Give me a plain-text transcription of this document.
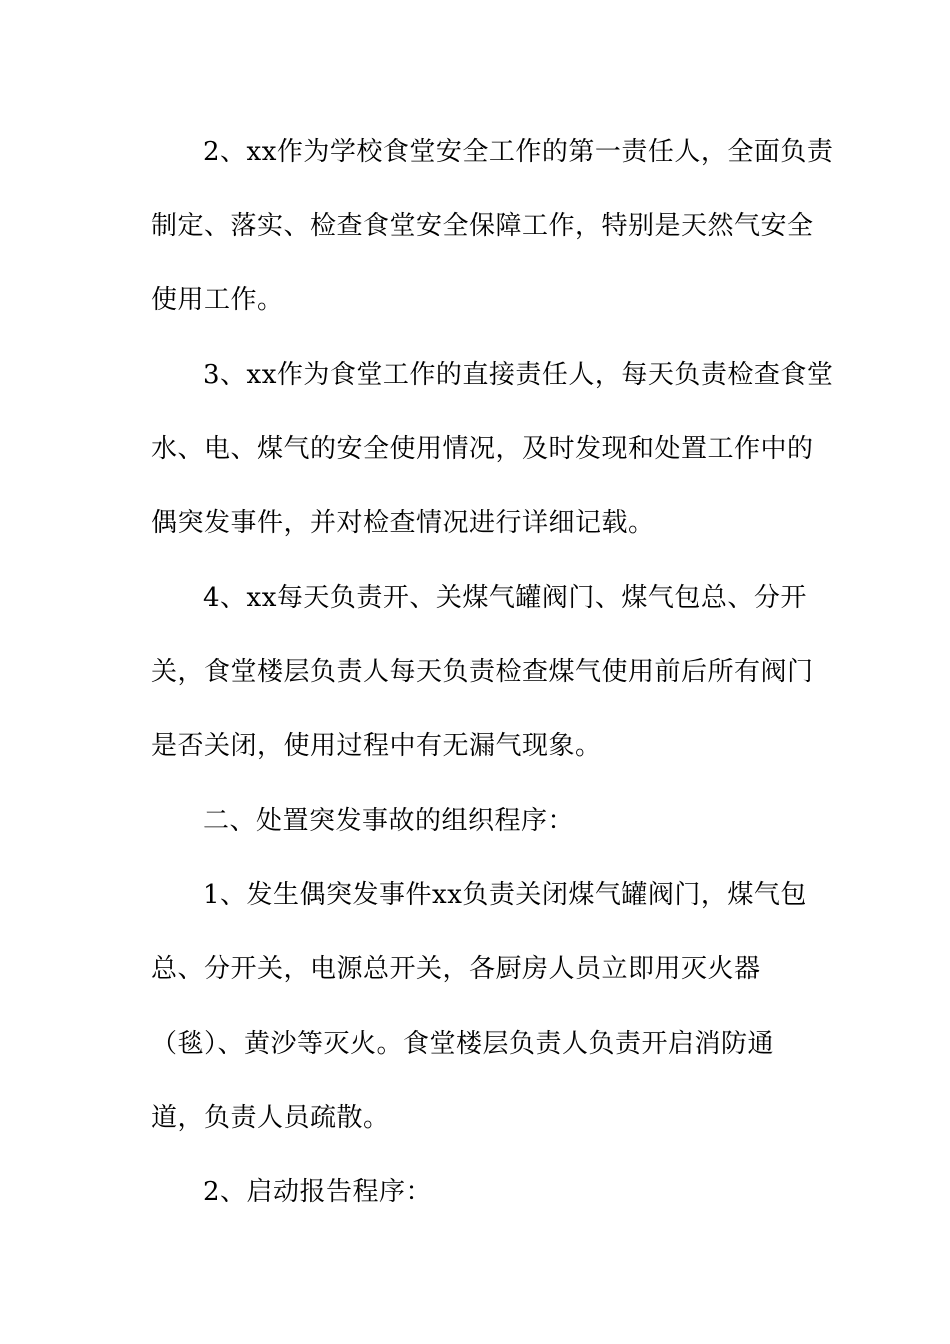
2、xx作为学校食堂安全工作的第一责任人，全面负责
制定、落实、检查食堂安全保障工作，特别是天然气安全
使用工作。
3、xx作为食堂工作的直接责任人，每天负责检查食堂
水、电、煤气的安全使用情况，及时发现和处置工作中的
偶突发事件，并对检查情况进行详细记载。
4、xx每天负责开、关煤气罐阀门、煤气包总、分开
关，食堂楼层负责人每天负责检查煤气使用前后所有阀门
是否关闭，使用过程中有无漏气现象。
二、处置突发事故的组织程序：
1、发生偶突发事件xx负责关闭煤气罐阀门，煤气包
总、分开关，电源总开关，各厨房人员立即用灭火器
（毯）、黄沙等灭火。食堂楼层负责人负责开启消防通
道，负责人员疏散。
2、启动报告程序：
